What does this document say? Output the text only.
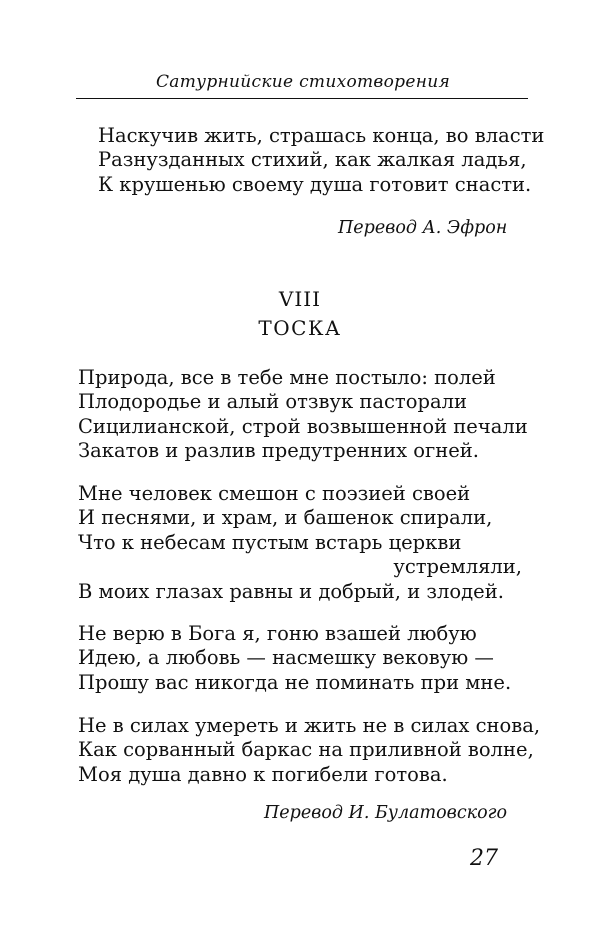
Сатурнийские стихотворения
Наскучив жить, страшась конца, во власти
Разнузданных стихий, как жалкая ладья,
К крушенью своему душа готовит снасти.
Перевод А. Эфрон
VIII
ТОСКА
Природа, все в тебе мне постыло: полей
Плодородье и алый отзвук пасторали
Сицилианской, строй возвышенной печали
Закатов и разлив предутренних огней.
Мне человек смешон с поэзией своей
И песнями, и храм, и башенок спирали,
Что к небесам пустым встарь церкви
устремляли,
В моих глазах равны и добрый, и злодей.
Не верю в Бога я, гоню взашей любую
Идею, а любовь — насмешку вековую —
Прошу вас никогда не поминать при мне.
Не в силах умереть и жить не в силах снова,
Как сорванный баркас на приливной волне,
Моя душа давно к погибели готова.
Перевод И. Булатовского
27
